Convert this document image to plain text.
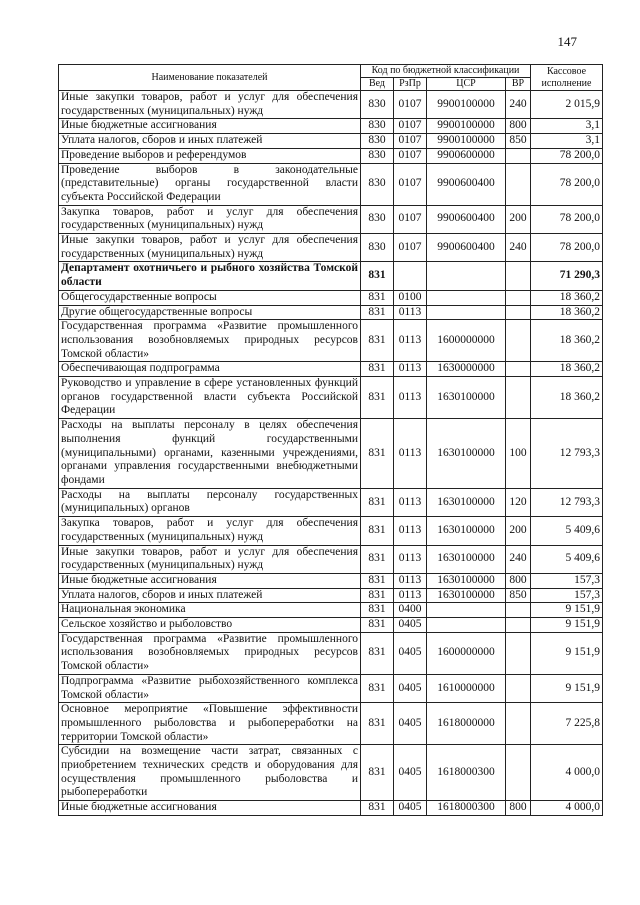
147
Наименование показателей	Код по бюджетной классификации				Кассовое исполнение
	Вед	РзПр	ЦСР	ВР	
Иные закупки товаров, работ и услуг для обеспечения государственных (муниципальных) нужд	830	0107	9900100000	240	2 015,9
Иные бюджетные ассигнования	830	0107	9900100000	800	3,1
Уплата налогов, сборов и иных платежей	830	0107	9900100000	850	3,1
Проведение выборов и референдумов	830	0107	9900600000		78 200,0
Проведение выборов в законодательные (представительные) органы государственной власти субъекта Российской Федерации	830	0107	9900600400		78 200,0
Закупка товаров, работ и услуг для обеспечения государственных (муниципальных) нужд	830	0107	9900600400	200	78 200,0
Иные закупки товаров, работ и услуг для обеспечения государственных (муниципальных) нужд	830	0107	9900600400	240	78 200,0
Департамент охотничьего и рыбного хозяйства Томской области	831				71 290,3
Общегосударственные вопросы	831	0100			18 360,2
Другие общегосударственные вопросы	831	0113			18 360,2
Государственная программа «Развитие промышленного использования возобновляемых природных ресурсов Томской области»	831	0113	1600000000		18 360,2
Обеспечивающая подпрограмма	831	0113	1630000000		18 360,2
Руководство и управление в сфере установленных функций органов государственной власти субъекта Российской Федерации	831	0113	1630100000		18 360,2
Расходы на выплаты персоналу в целях обеспечения выполнения функций государственными (муниципальными) органами, казенными учреждениями, органами управления государственными внебюджетными фондами	831	0113	1630100000	100	12 793,3
Расходы на выплаты персоналу государственных (муниципальных) органов	831	0113	1630100000	120	12 793,3
Закупка товаров, работ и услуг для обеспечения государственных (муниципальных) нужд	831	0113	1630100000	200	5 409,6
Иные закупки товаров, работ и услуг для обеспечения государственных (муниципальных) нужд	831	0113	1630100000	240	5 409,6
Иные бюджетные ассигнования	831	0113	1630100000	800	157,3
Уплата налогов, сборов и иных платежей	831	0113	1630100000	850	157,3
Национальная экономика	831	0400			9 151,9
Сельское хозяйство и рыболовство	831	0405			9 151,9
Государственная программа «Развитие промышленного использования возобновляемых природных ресурсов Томской области»	831	0405	1600000000		9 151,9
Подпрограмма «Развитие рыбохозяйственного комплекса Томской области»	831	0405	1610000000		9 151,9
Основное мероприятие «Повышение эффективности промышленного рыболовства и рыбопереработки на территории Томской области»	831	0405	1618000000		7 225,8
Субсидии на возмещение части затрат, связанных с приобретением технических средств и оборудования для осуществления промышленного рыболовства и рыбопереработки	831	0405	1618000300		4 000,0
Иные бюджетные ассигнования	831	0405	1618000300	800	4 000,0
